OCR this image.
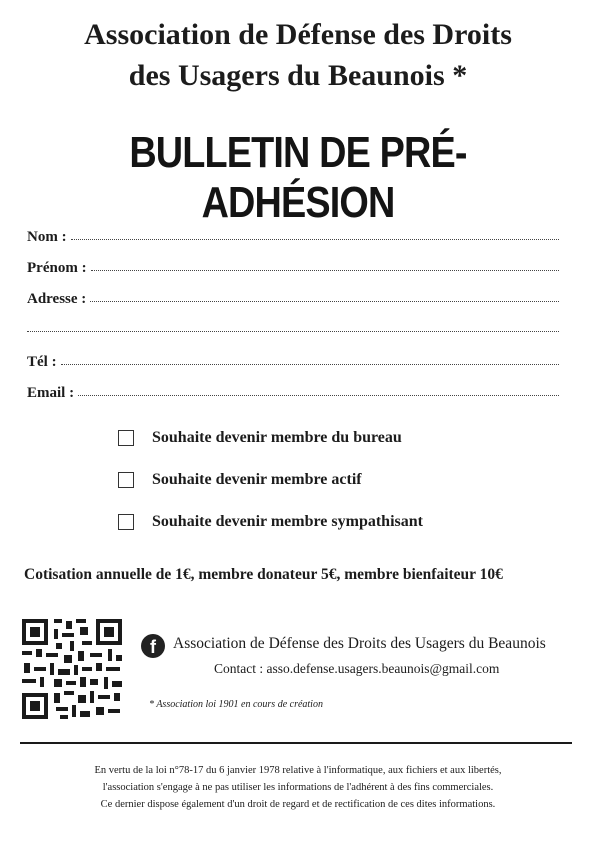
Association de Défense des Droits
des Usagers du Beaunois *
BULLETIN DE PRÉ-ADHÉSION
Nom :
Prénom :
Adresse :
Tél :
Email :
Souhaite devenir membre du bureau
Souhaite devenir membre actif
Souhaite devenir membre sympathisant
Cotisation annuelle de 1€, membre donateur 5€, membre bienfaiteur 10€
f	Association de Défense des Droits des Usagers du Beaunois
Contact : asso.defense.usagers.beaunois@gmail.com
* Association loi 1901 en cours de création
En vertu de la loi n°78-17 du 6 janvier 1978 relative à l'informatique, aux fichiers et aux libertés,
l'association s'engage à ne pas utiliser les informations de l'adhérent à des fins commerciales.
Ce dernier dispose également d'un droit de regard et de rectification de ces dites informations.
